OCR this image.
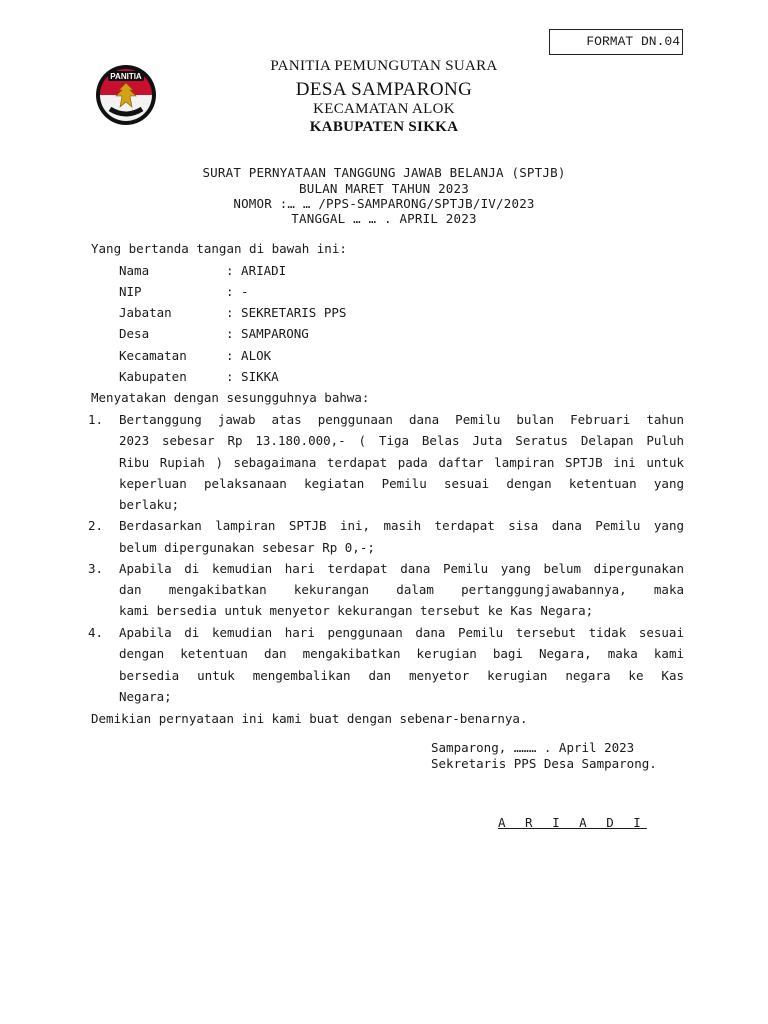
FORMAT DN.04
PANITIA
PANITIA PEMUNGUTAN SUARA
DESA SAMPARONG
KECAMATAN ALOK
KABUPATEN SIKKA
SURAT PERNYATAAN TANGGUNG JAWAB BELANJA (SPTJB)
BULAN MARET TAHUN 2023
NOMOR :… … /PPS-SAMPARONG/SPTJB/IV/2023
TANGGAL … … . APRIL 2023
Yang bertanda tangan di bawah ini:
Nama	: ARIADI
NIP	: -
Jabatan	: SEKRETARIS PPS
Desa	: SAMPARONG
Kecamatan	: ALOK
Kabupaten	: SIKKA
Menyatakan dengan sesungguhnya bahwa:
1. Bertanggung jawab atas penggunaan dana Pemilu bulan Februari tahun
2023 sebesar Rp 13.180.000,- ( Tiga Belas Juta Seratus Delapan Puluh
Ribu Rupiah ) sebagaimana terdapat pada daftar lampiran SPTJB ini untuk
keperluan pelaksanaan kegiatan Pemilu sesuai dengan ketentuan yang
berlaku;
2. Berdasarkan lampiran SPTJB ini, masih terdapat sisa dana Pemilu yang
belum dipergunakan sebesar Rp 0,-;
3. Apabila di kemudian hari terdapat dana Pemilu yang belum dipergunakan
dan mengakibatkan kekurangan dalam pertanggungjawabannya, maka
kami bersedia untuk menyetor kekurangan tersebut ke Kas Negara;
4. Apabila di kemudian hari penggunaan dana Pemilu tersebut tidak sesuai
dengan ketentuan dan mengakibatkan kerugian bagi Negara, maka kami
bersedia untuk mengembalikan dan menyetor kerugian negara ke Kas
Negara;
Demikian pernyataan ini kami buat dengan sebenar-benarnya.
Samparong, ……… . April 2023
Sekretaris PPS Desa Samparong.
A R I A D I
